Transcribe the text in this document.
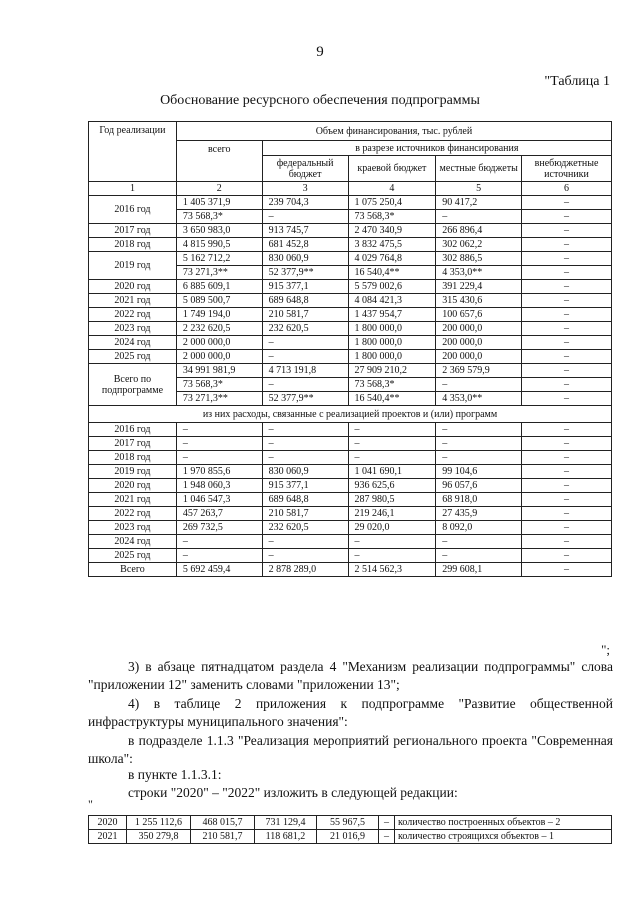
9
"Таблица 1
Обоснование ресурсного обеспечения подпрограммы
Год реализации	Объем финансирования, тыс. рублей				
	всего	в разрезе источников финансирования			
		федеральный бюджет	краевой бюджет	местные бюджеты	внебюджетные источники
1	2	3	4	5	6
2016 год	1 405 371,9	239 704,3	1 075 250,4	90 417,2	–
	73 568,3*	–	73 568,3*	–	–
2017 год	3 650 983,0	913 745,7	2 470 340,9	266 896,4	–
2018 год	4 815 990,5	681 452,8	3 832 475,5	302 062,2	–
2019 год	5 162 712,2	830 060,9	4 029 764,8	302 886,5	–
	73 271,3**	52 377,9**	16 540,4**	4 353,0**	–
2020 год	6 885 609,1	915 377,1	5 579 002,6	391 229,4	–
2021 год	5 089 500,7	689 648,8	4 084 421,3	315 430,6	–
2022 год	1 749 194,0	210 581,7	1 437 954,7	100 657,6	–
2023 год	2 232 620,5	232 620,5	1 800 000,0	200 000,0	–
2024 год	2 000 000,0	–	1 800 000,0	200 000,0	–
2025 год	2 000 000,0	–	1 800 000,0	200 000,0	–
Всего по подпрограмме	34 991 981,9	4 713 191,8	27 909 210,2	2 369 579,9	–
	73 568,3*	–	73 568,3*	–	–
	73 271,3**	52 377,9**	16 540,4**	4 353,0**	–
из них расходы, связанные с реализацией проектов и (или) программ					
2016 год	–	–	–	–	–
2017 год	–	–	–	–	–
2018 год	–	–	–	–	–
2019 год	1 970 855,6	830 060,9	1 041 690,1	99 104,6	–
2020 год	1 948 060,3	915 377,1	936 625,6	96 057,6	–
2021 год	1 046 547,3	689 648,8	287 980,5	68 918,0	–
2022 год	457 263,7	210 581,7	219 246,1	27 435,9	–
2023 год	269 732,5	232 620,5	29 020,0	8 092,0	–
2024 год	–	–	–	–	–
2025 год	–	–	–	–	–
Всего	5 692 459,4	2 878 289,0	2 514 562,3	299 608,1	–
";
3) в абзаце пятнадцатом раздела 4 "Механизм реализации подпрограммы" слова "приложении 12" заменить словами "приложении 13";
4) в таблице 2 приложения к подпрограмме "Развитие общественной инфраструктуры муниципального значения":
в подразделе 1.1.3 "Реализация мероприятий регионального проекта "Современная школа":
в пункте 1.1.3.1:
строки "2020" – "2022" изложить в следующей редакции:
"
2020	1 255 112,6	468 015,7	731 129,4	55 967,5	–	количество построенных объектов – 2
2021	350 279,8	210 581,7	118 681,2	21 016,9	–	количество строящихся объектов – 1
